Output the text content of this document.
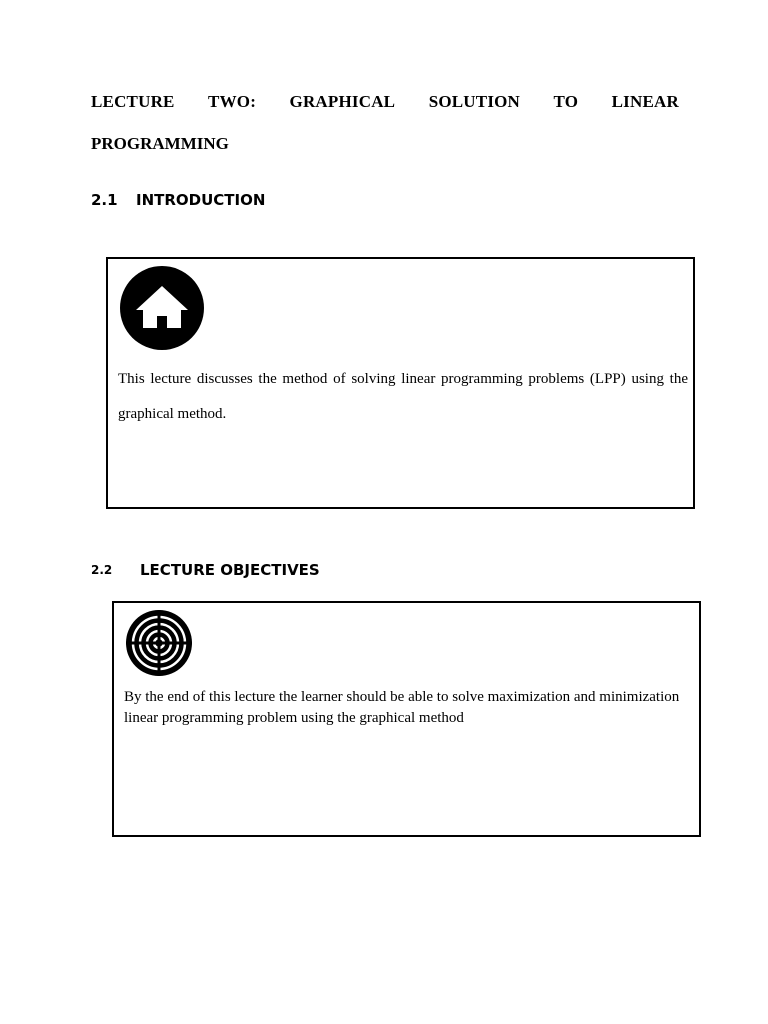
LECTURE TWO: GRAPHICAL SOLUTION TO LINEAR
PROGRAMMING
2.1	INTRODUCTION
This lecture discusses the method of solving linear programming problems (LPP) using the graphical method.
2.2	LECTURE OBJECTIVES
By the end of this lecture the learner should be able to solve maximization and minimization linear programming problem using the graphical method
